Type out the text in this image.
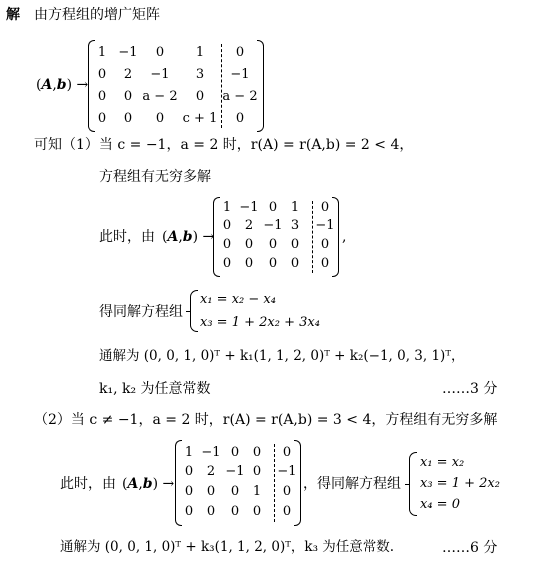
解 由方程组的增广矩阵
(A,b) →
1 −1 0 1 0
0 2 −1 3 −1
0 0 a − 2 0 a − 2
0 0 0 c + 1 0
可知（1）当 c = −1，a = 2 时，r(A) = r(A,b) = 2 < 4，
方程组有无穷多解
此时，由 (A,b) →
1 −1 0 1 0
0 2 −1 3 −1
0 0 0 0 0
0 0 0 0 0
,
得同解方程组
x₁ = x₂ − x₄
x₃ = 1 + 2x₂ + 3x₄
通解为 (0, 0, 1, 0)ᵀ + k₁(1, 1, 2, 0)ᵀ + k₂(−1, 0, 3, 1)ᵀ，
k₁, k₂ 为任意常数	……3 分
（2）当 c ≠ −1，a = 2 时，r(A) = r(A,b) = 3 < 4，方程组有无穷多解
此时，由 (A,b) →
1 −1 0 0 0
0 2 −1 0 −1
0 0 0 1 0
0 0 0 0 0
，得同解方程组
x₁ = x₂
x₃ = 1 + 2x₂
x₄ = 0
通解为 (0, 0, 1, 0)ᵀ + k₃(1, 1, 2, 0)ᵀ，k₃ 为任意常数.	……6 分
